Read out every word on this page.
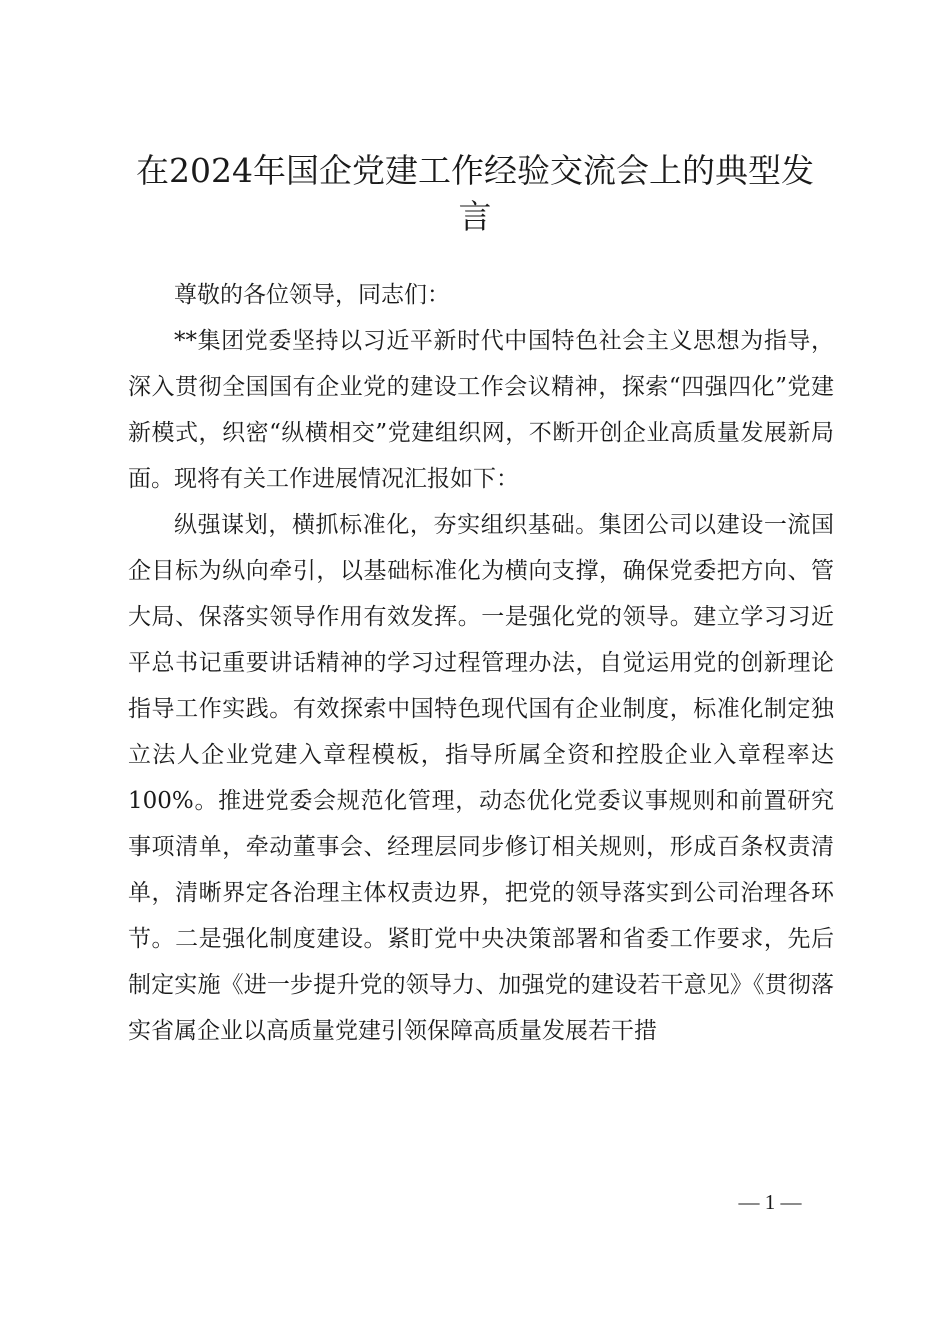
在2024年国企党建工作经验交流会上的典型发言

尊敬的各位领导，同志们：

**集团党委坚持以习近平新时代中国特色社会主义思想为指导，深入贯彻全国国有企业党的建设工作会议精神，探索“四强四化”党建新模式，织密“纵横相交”党建组织网，不断开创企业高质量发展新局面。现将有关工作进展情况汇报如下：

纵强谋划，横抓标准化，夯实组织基础。集团公司以建设一流国企目标为纵向牵引，以基础标准化为横向支撑，确保党委把方向、管大局、保落实领导作用有效发挥。一是强化党的领导。建立学习习近平总书记重要讲话精神的学习过程管理办法，自觉运用党的创新理论指导工作实践。有效探索中国特色现代国有企业制度，标准化制定独立法人企业党建入章程模板，指导所属全资和控股企业入章程率达100%。推进党委会规范化管理，动态优化党委议事规则和前置研究事项清单，牵动董事会、经理层同步修订相关规则，形成百条权责清单，清晰界定各治理主体权责边界，把党的领导落实到公司治理各环节。二是强化制度建设。紧盯党中央决策部署和省委工作要求，先后制定实施《进一步提升党的领导力、加强党的建设若干意见》《贯彻落实省属企业以高质量党建引领保障高质量发展若干措

— 1 —
